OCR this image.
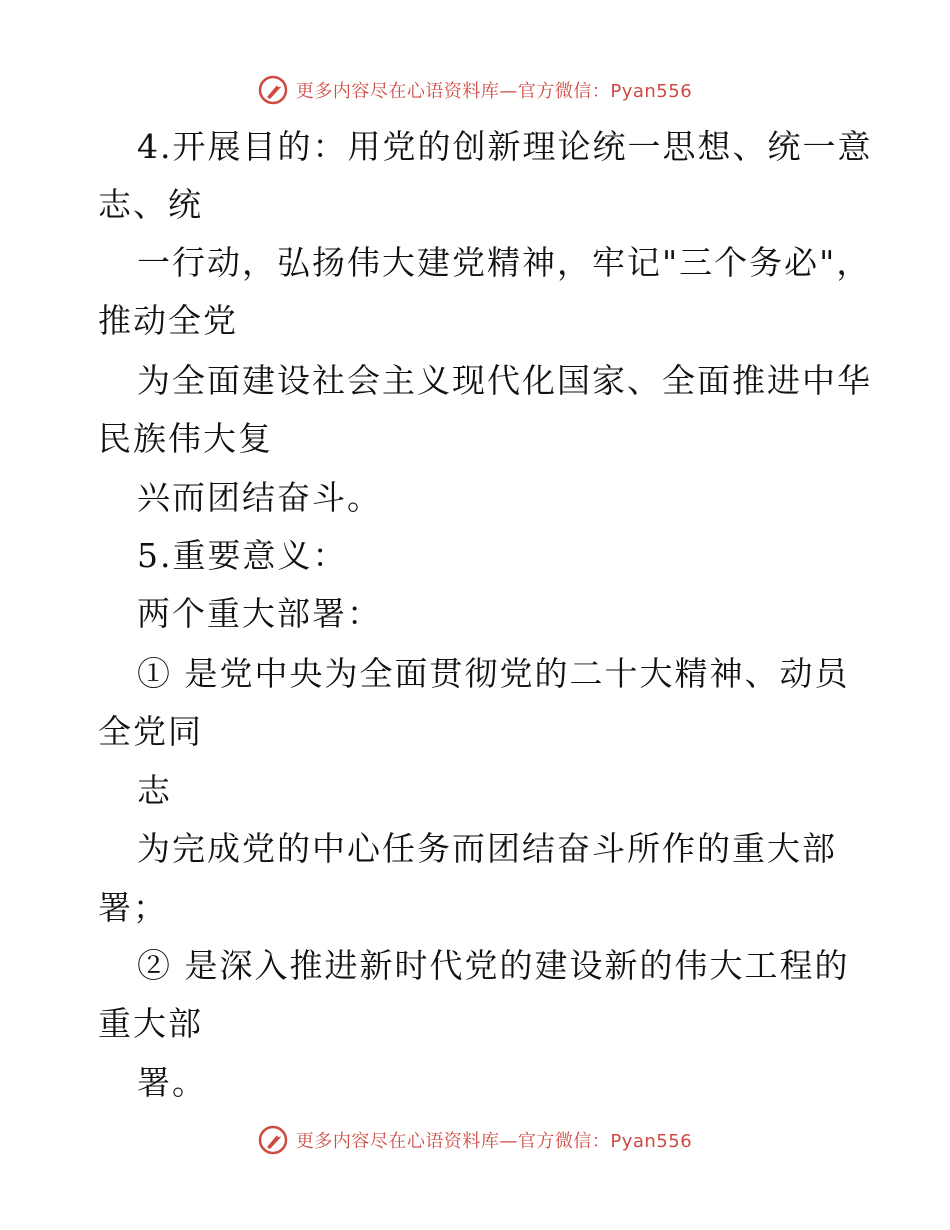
更多内容尽在心语资料库—官方微信：Pyan556
4.开展目的：用党的创新理论统一思想、统一意
志、统
一行动，弘扬伟大建党精神，牢记"三个务必"，
推动全党
为全面建设社会主义现代化国家、全面推进中华
民族伟大复
兴而团结奋斗。
5.重要意义：
两个重大部署：
① 是党中央为全面贯彻党的二十大精神、动员
全党同
志
为完成党的中心任务而团结奋斗所作的重大部
署；
② 是深入推进新时代党的建设新的伟大工程的
重大部
署。
更多内容尽在心语资料库—官方微信：Pyan556
